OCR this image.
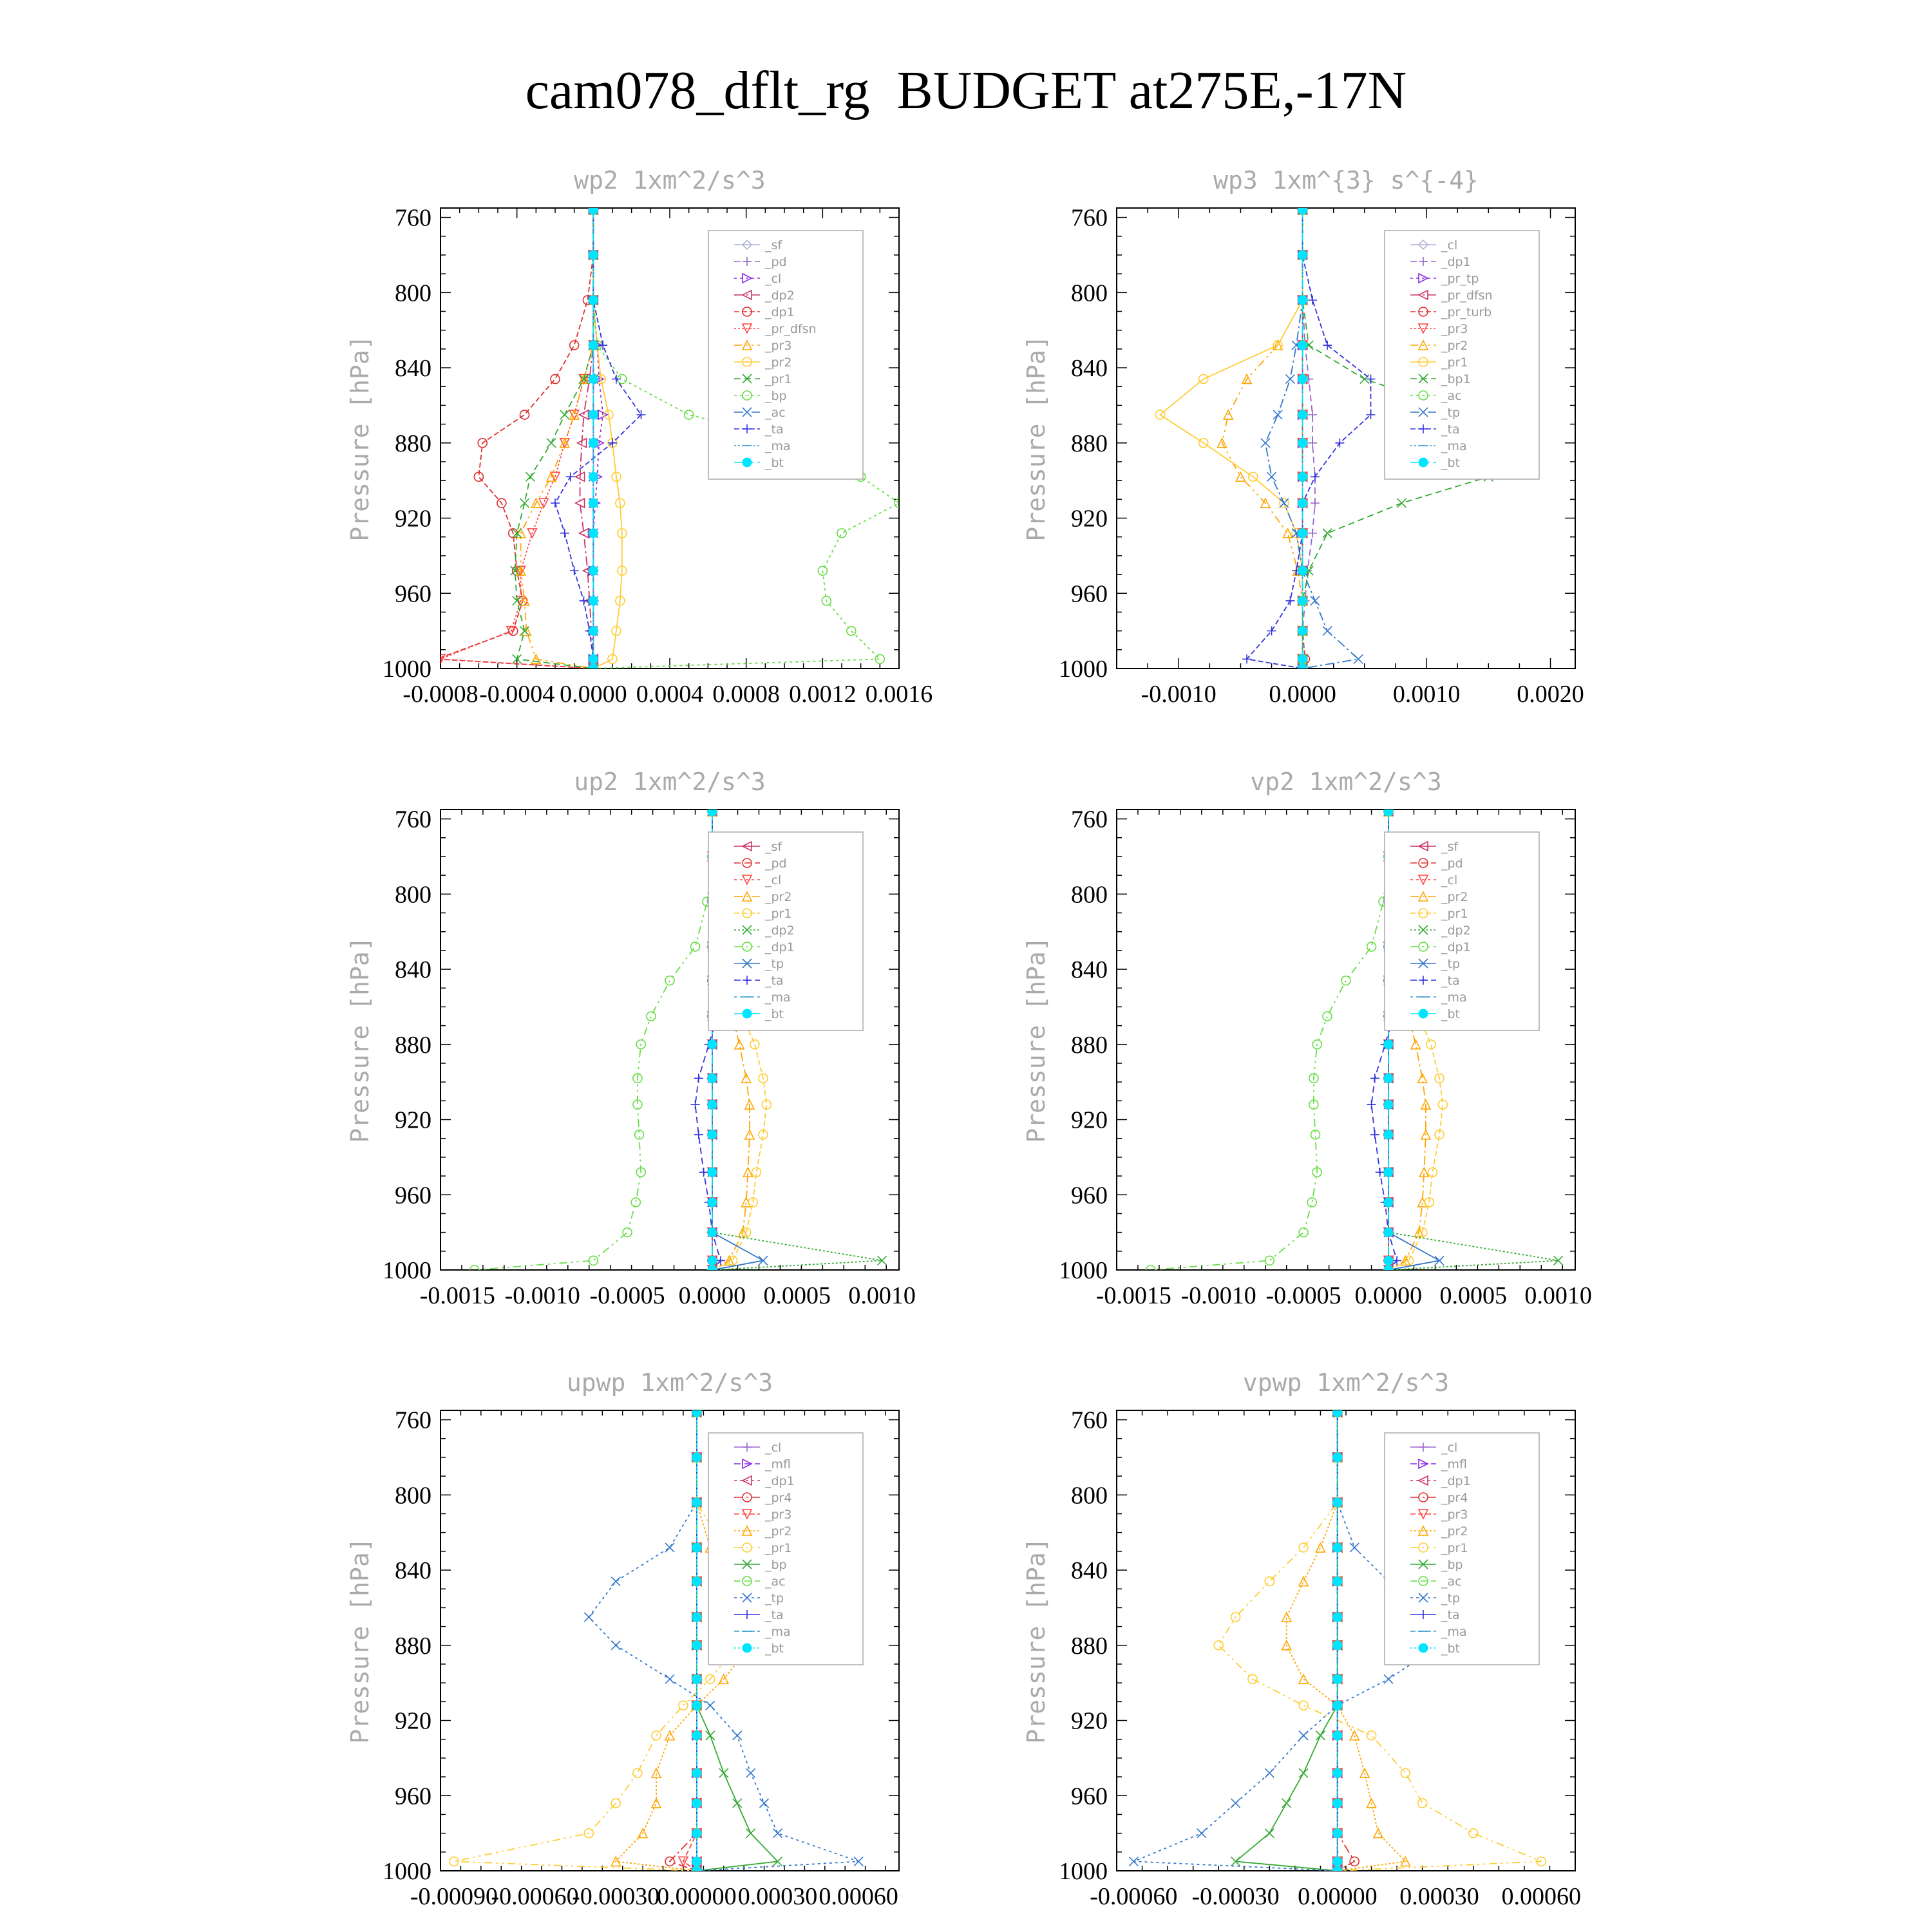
cam078_dflt_rg  BUDGET at275E,-17N
wp2 1xm^2/s^3
Pressure [hPa]
760
800
840
880
920
960
1000
-0.0008 -0.0004 0.0000 0.0004 0.0008 0.0012 0.0016
_sf
_pd
_cl
_dp2
_dp1
_pr_dfsn
_pr3
_pr2
_pr1
_bp
_ac
_ta
_ma
_bt
wp3 1xm^{3} s^{-4}
Pressure [hPa]
760
800
840
880
920
960
1000
-0.0010 0.0000 0.0010 0.0020
_cl
_dp1
_pr_tp
_pr_dfsn
_pr_turb
_pr3
_pr2
_pr1
_bp1
_ac
_tp
_ta
_ma
_bt
up2 1xm^2/s^3
Pressure [hPa]
760
800
840
880
920
960
1000
-0.0015 -0.0010 -0.0005 0.0000 0.0005 0.0010
_sf
_pd
_cl
_pr2
_pr1
_dp2
_dp1
_tp
_ta
_ma
_bt
vp2 1xm^2/s^3
Pressure [hPa]
760
800
840
880
920
960
1000
-0.0015 -0.0010 -0.0005 0.0000 0.0005 0.0010
_sf
_pd
_cl
_pr2
_pr1
_dp2
_dp1
_tp
_ta
_ma
_bt
upwp 1xm^2/s^3
Pressure [hPa]
760
800
840
880
920
960
1000
-0.00090
-0.00060
-0.00030
0.00000 0.00030 0.00060
_cl
_mfl
_dp1
_pr4
_pr3
_pr2
_pr1
_bp
_ac
_tp
_ta
_ma
_bt
vpwp 1xm^2/s^3
Pressure [hPa]
760
800
840
880
920
960
1000
-0.00060 -0.00030 0.00000 0.00030 0.00060
_cl
_mfl
_dp1
_pr4
_pr3
_pr2
_pr1
_bp
_ac
_tp
_ta
_ma
_bt
